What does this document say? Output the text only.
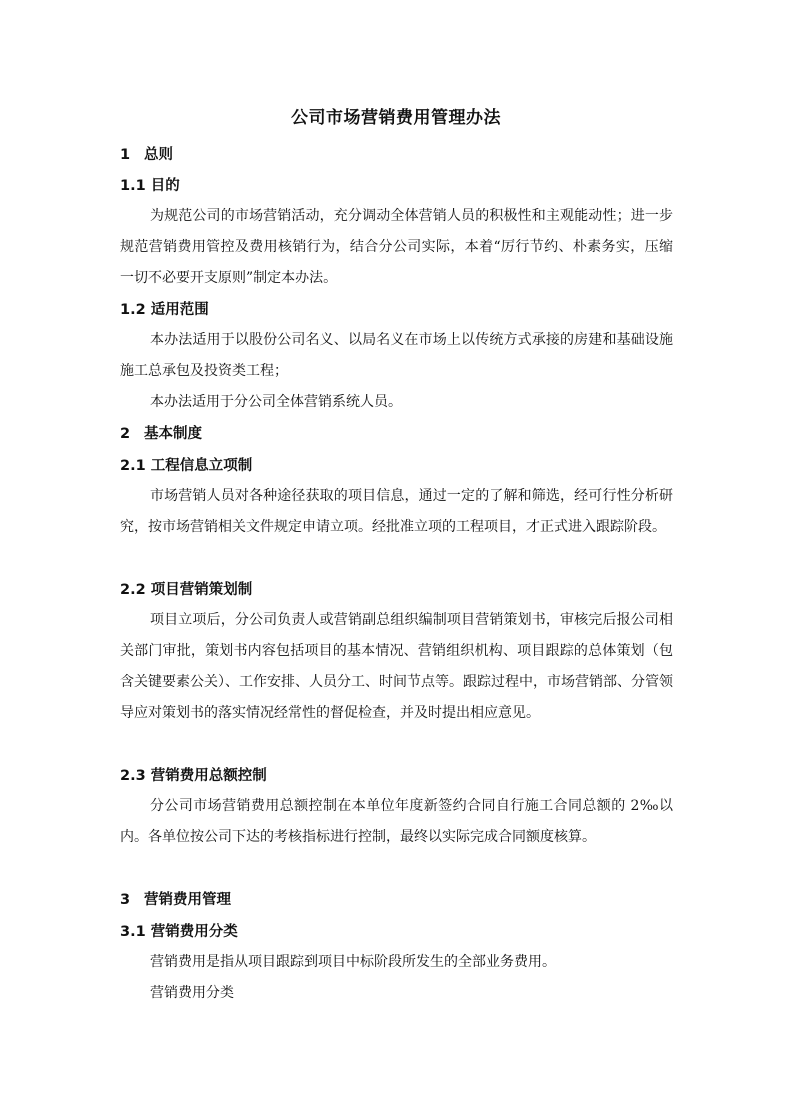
公司市场营销费用管理办法
1 总则
1.1 目的

为规范公司的市场营销活动，充分调动全体营销人员的积极性和主观能动性；进一步规范营销费用管控及费用核销行为，结合分公司实际，本着“厉行节约、朴素务实，压缩一切不必要开支原则”制定本办法。

1.2 适用范围

本办法适用于以股份公司名义、以局名义在市场上以传统方式承接的房建和基础设施施工总承包及投资类工程；

本办法适用于分公司全体营销系统人员。

2 基本制度
2.1 工程信息立项制

市场营销人员对各种途径获取的项目信息，通过一定的了解和筛选，经可行性分析研究，按市场营销相关文件规定申请立项。经批准立项的工程项目，才正式进入跟踪阶段。

2.2 项目营销策划制

项目立项后，分公司负责人或营销副总组织编制项目营销策划书，审核完后报公司相关部门审批，策划书内容包括项目的基本情况、营销组织机构、项目跟踪的总体策划（包含关键要素公关）、工作安排、人员分工、时间节点等。跟踪过程中，市场营销部、分管领导应对策划书的落实情况经常性的督促检查，并及时提出相应意见。

2.3 营销费用总额控制

分公司市场营销费用总额控制在本单位年度新签约合同自行施工合同总额的 2‰以内。各单位按公司下达的考核指标进行控制，最终以实际完成合同额度核算。

3 营销费用管理
3.1 营销费用分类

营销费用是指从项目跟踪到项目中标阶段所发生的全部业务费用。

营销费用分类
